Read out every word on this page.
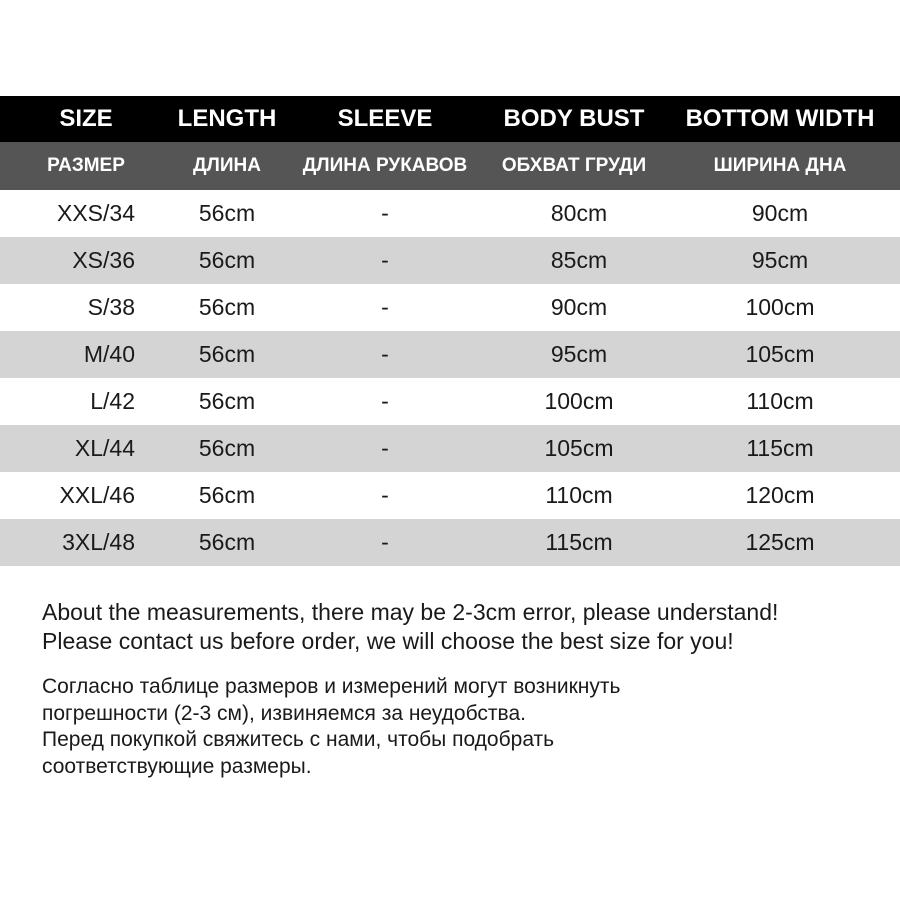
SIZE	LENGTH	SLEEVE	BODY BUST	BOTTOM WIDTH
РАЗМЕР	ДЛИНА	ДЛИНА РУКАВОВ	ОБХВАТ ГРУДИ	ШИРИНА ДНА
XXS/34	56cm	-	80cm	90cm
XS/36	56cm	-	85cm	95cm
S/38	56cm	-	90cm	100cm
M/40	56cm	-	95cm	105cm
L/42	56cm	-	100cm	110cm
XL/44	56cm	-	105cm	115cm
XXL/46	56cm	-	110cm	120cm
3XL/48	56cm	-	115cm	125cm
About the measurements, there may be 2-3cm error, please understand!
Please contact us before order, we will choose the best size for you!
Согласно таблице размеров и измерений могут возникнуть
погрешности (2-3 см), извиняемся за неудобства.
Перед покупкой свяжитесь с нами, чтобы подобрать
соответствующие размеры.
